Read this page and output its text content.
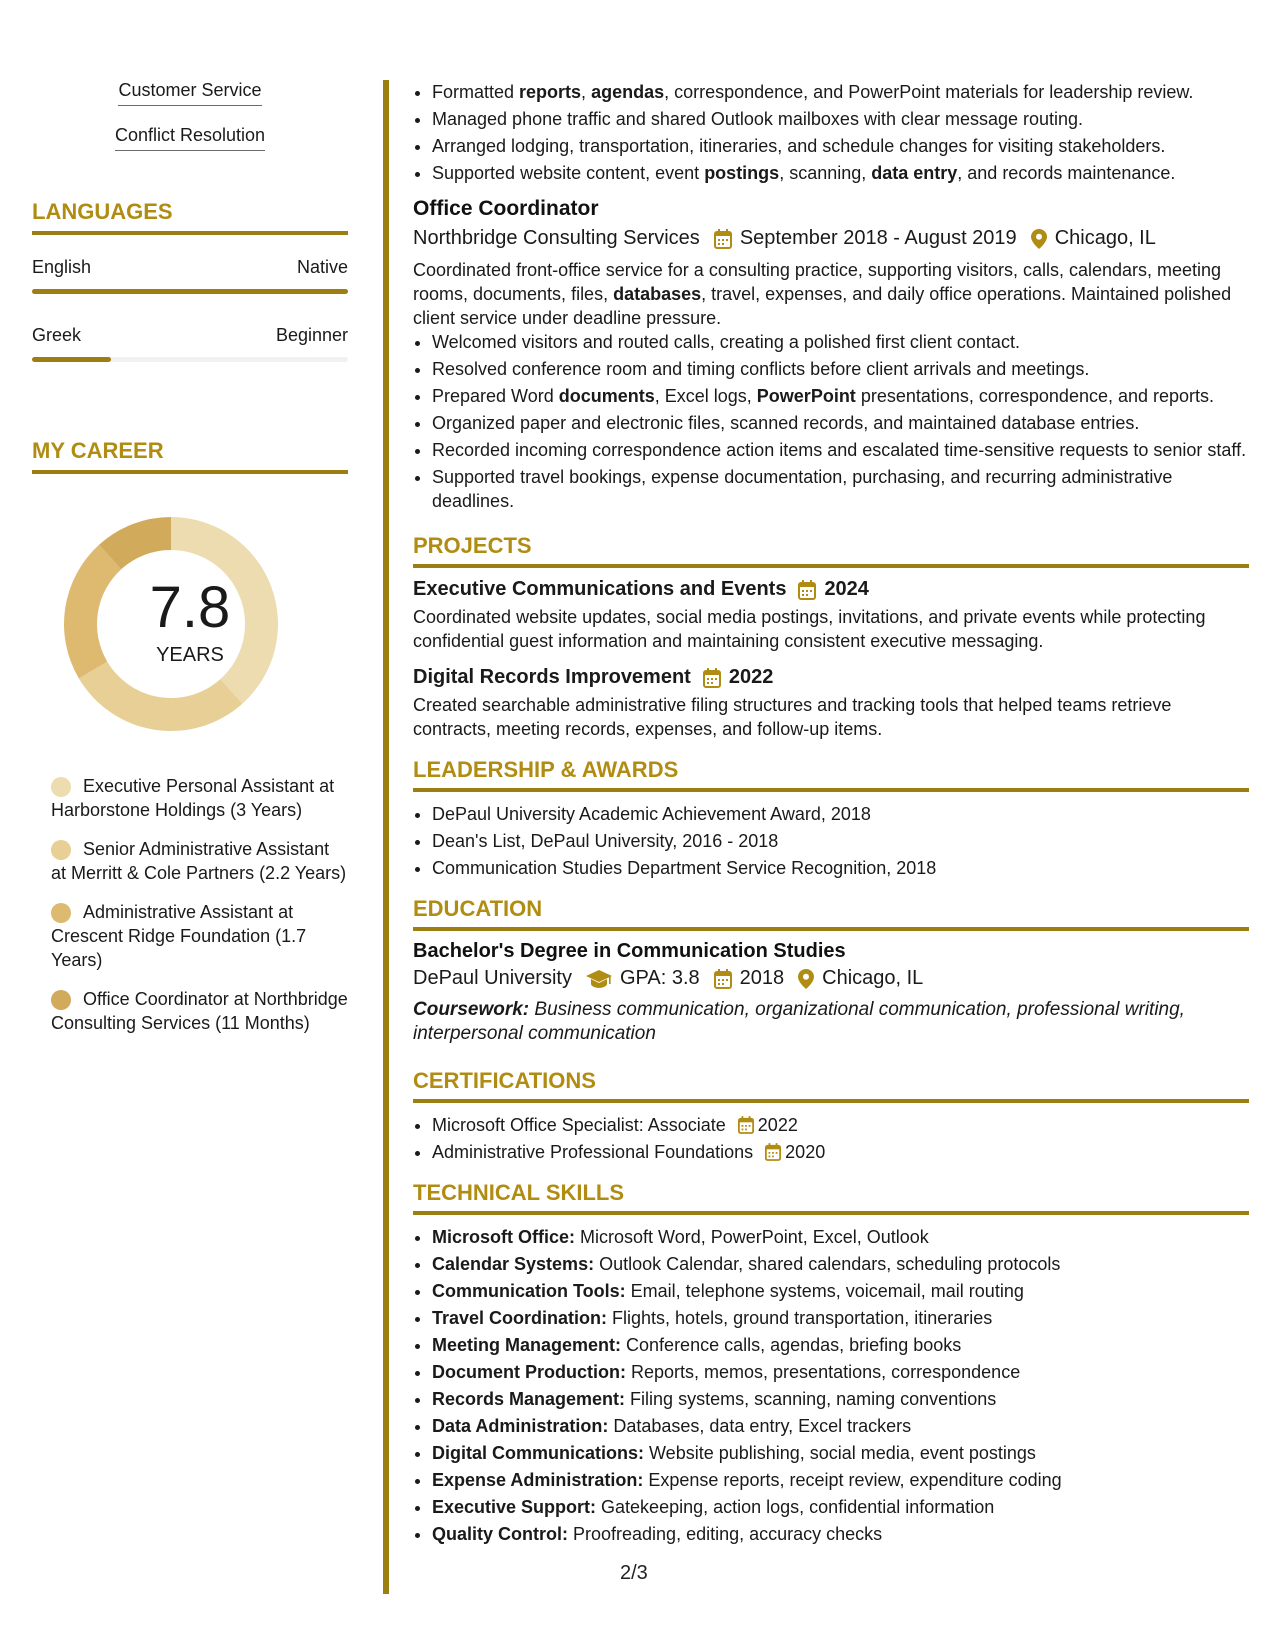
Customer Service
Conflict Resolution
LANGUAGES
English	Native
Greek	Beginner
MY CAREER
7.8
YEARS
Executive Personal Assistant at Harborstone Holdings (3 Years)
Senior Administrative Assistant at Merritt & Cole Partners (2.2 Years)
Administrative Assistant at Crescent Ridge Foundation (1.7 Years)
Office Coordinator at Northbridge Consulting Services (11 Months)
• Formatted reports, agendas, correspondence, and PowerPoint materials for leadership review.
• Managed phone traffic and shared Outlook mailboxes with clear message routing.
• Arranged lodging, transportation, itineraries, and schedule changes for visiting stakeholders.
• Supported website content, event postings, scanning, data entry, and records maintenance.
Office Coordinator
Northbridge Consulting Services September 2018 - August 2019 Chicago, IL
Coordinated front-office service for a consulting practice, supporting visitors, calls, calendars, meeting rooms, documents, files, databases, travel, expenses, and daily office operations. Maintained polished client service under deadline pressure.
• Welcomed visitors and routed calls, creating a polished first client contact.
• Resolved conference room and timing conflicts before client arrivals and meetings.
• Prepared Word documents, Excel logs, PowerPoint presentations, correspondence, and reports.
• Organized paper and electronic files, scanned records, and maintained database entries.
• Recorded incoming correspondence action items and escalated time-sensitive requests to senior staff.
• Supported travel bookings, expense documentation, purchasing, and recurring administrative deadlines.
PROJECTS
Executive Communications and Events 2024
Coordinated website updates, social media postings, invitations, and private events while protecting confidential guest information and maintaining consistent executive messaging.
Digital Records Improvement 2022
Created searchable administrative filing structures and tracking tools that helped teams retrieve contracts, meeting records, expenses, and follow-up items.
LEADERSHIP & AWARDS
• DePaul University Academic Achievement Award, 2018
• Dean's List, DePaul University, 2016 - 2018
• Communication Studies Department Service Recognition, 2018
EDUCATION
Bachelor's Degree in Communication Studies
DePaul University GPA: 3.8 2018 Chicago, IL
Coursework: Business communication, organizational communication, professional writing, interpersonal communication
CERTIFICATIONS
• Microsoft Office Specialist: Associate 2022
• Administrative Professional Foundations 2020
TECHNICAL SKILLS
• Microsoft Office: Microsoft Word, PowerPoint, Excel, Outlook
• Calendar Systems: Outlook Calendar, shared calendars, scheduling protocols
• Communication Tools: Email, telephone systems, voicemail, mail routing
• Travel Coordination: Flights, hotels, ground transportation, itineraries
• Meeting Management: Conference calls, agendas, briefing books
• Document Production: Reports, memos, presentations, correspondence
• Records Management: Filing systems, scanning, naming conventions
• Data Administration: Databases, data entry, Excel trackers
• Digital Communications: Website publishing, social media, event postings
• Expense Administration: Expense reports, receipt review, expenditure coding
• Executive Support: Gatekeeping, action logs, confidential information
• Quality Control: Proofreading, editing, accuracy checks
2/3
